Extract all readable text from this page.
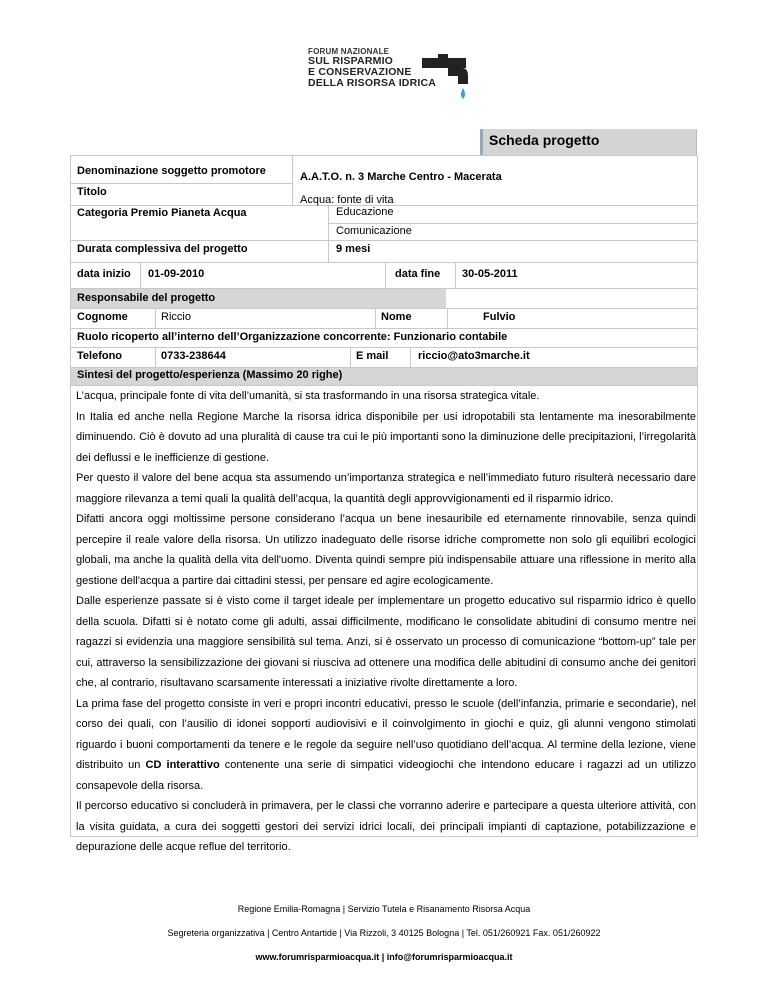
FORUM NAZIONALE
SUL RISPARMIO
E CONSERVAZIONE
DELLA RISORSA IDRICA
Scheda progetto
Denominazione soggetto promotore	A.A.T.O. n. 3 Marche Centro - Macerata
Titolo
Acqua: fonte di vita
Categoria Premio Pianeta Acqua	Educazione
Comunicazione
Durata complessiva del progetto	9 mesi
data inizio 01-09-2010	data fine 30-05-2011
Responsabile del progetto
Cognome	Riccio	Nome	Fulvio
Ruolo ricoperto all’interno dell’Organizzazione concorrente: Funzionario contabile
Telefono	0733-238644	E mail	riccio@ato3marche.it
Sintesi del progetto/esperienza (Massimo 20 righe)

L’acqua, principale fonte di vita dell’umanità, si sta trasformando in una risorsa strategica vitale.

In Italia ed anche nella Regione Marche la risorsa idrica disponibile per usi idropotabili sta lentamente ma inesorabilmente diminuendo. Ciò è dovuto ad una pluralità di cause tra cui le più importanti sono la diminuzione delle precipitazioni, l’irregolarità dei deflussi e le inefficienze di gestione.

Per questo il valore del bene acqua sta assumendo un’importanza strategica e nell’immediato futuro risulterà necessario dare maggiore rilevanza a temi quali la qualità dell’acqua, la quantità degli approvvigionamenti ed il risparmio idrico.

Difatti ancora oggi moltissime persone considerano l’acqua un bene inesauribile ed eternamente rinnovabile, senza quindi percepire il reale valore della risorsa. Un utilizzo inadeguato delle risorse idriche compromette non solo gli equilibri ecologici globali, ma anche la qualità della vita dell'uomo. Diventa quindi sempre più indispensabile attuare una riflessione in merito alla gestione dell'acqua a partire dai cittadini stessi, per pensare ed agire ecologicamente.

Dalle esperienze passate si è visto come il target ideale per implementare un progetto educativo sul risparmio idrico è quello della scuola. Difatti si è notato come gli adulti, assai difficilmente, modificano le consolidate abitudini di consumo mentre nei ragazzi si evidenzia una maggiore sensibilità sul tema. Anzi, si è osservato un processo di comunicazione “bottom-up” tale per cui, attraverso la sensibilizzazione dei giovani si riusciva ad ottenere una modifica delle abitudini di consumo anche dei genitori che, al contrario, risultavano scarsamente interessati a iniziative rivolte direttamente a loro.

La prima fase del progetto consiste in veri e propri incontri educativi, presso le scuole (dell’infanzia, primarie e secondarie), nel corso dei quali, con l’ausilio di idonei sopporti audiovisivi e il coinvolgimento in giochi e quiz, gli alunni vengono stimolati riguardo i buoni comportamenti da tenere e le regole da seguire nell’uso quotidiano dell’acqua. Al termine della lezione, viene distribuito un CD interattivo contenente una serie di simpatici videogiochi che intendono educare i ragazzi ad un utilizzo consapevole della risorsa.

Il percorso educativo si concluderà in primavera, per le classi che vorranno aderire e partecipare a questa ulteriore attività, con la visita guidata, a cura dei soggetti gestori dei servizi idrici locali, dei principali impianti di captazione, potabilizzazione e depurazione delle acque reflue del territorio.

Regione Emilia-Romagna | Servizio Tutela e Risanamento Risorsa Acqua
Segreteria organizzativa | Centro Antartide | Via Rizzoli, 3 40125 Bologna | Tel. 051/260921 Fax. 051/260922
www.forumrisparmioacqua.it | info@forumrisparmioacqua.it
